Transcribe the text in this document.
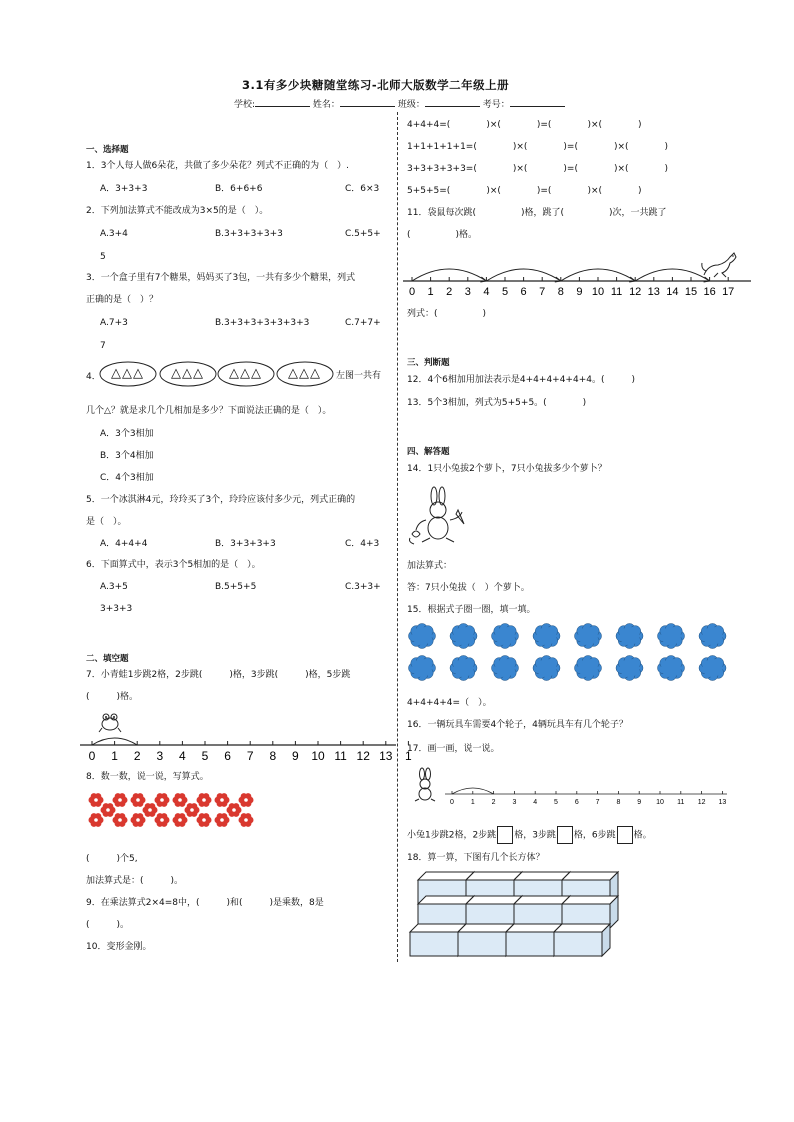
3.1有多少块糖随堂练习-北师大版数学二年级上册
学校:	姓名：	班级：	考号：
一、选择题
1．3个人每人做6朵花，共做了多少朵花？列式不正确的为（　）.
A．3+3+3	B．6+6+6	C．6×3
2．下列加法算式不能改成为3×5的是（　）。
A.3+4	B.3+3+3+3+3	C.5+5+
5
3．一个盒子里有7个糖果，妈妈买了3包，一共有多少个糖果，列式
正确的是（　）？
A.7+3	B.3+3+3+3+3+3+3	C.7+7+
7
4． △△△ △△△ △△△ △△△ 左图一共有
几个△？就是求几个几相加是多少？下面说法正确的是（　）。
A．3个3相加
B．3个4相加
C．4个3相加
5．一个冰淇淋4元，玲玲买了3个，玲玲应该付多少元，列式正确的
是（　）。
A．4+4+4	B．3+3+3+3	C．4+3
6．下面算式中，表示3个5相加的是（　）。
A.3+5	B.5+5+5	C.3+3+
3+3+3
二、填空题
7．小青蛙1步跳2格，2步跳(　　　)格，3步跳(　　　)格，5步跳
(　　　)格。
0 1 2 3 4 5 6 7 8 9 10 11 12 13 1
8．数一数，说一说，写算式。
(　　　)个5,
加法算式是：(　　　)。
9．在乘法算式2×4=8中，(　　　)和(　　　)是乘数，8是
(　　　)。
10．变形金刚。
4+4+4=(　　　　)×(　　　　)=(　　　　)×(　　　　)
1+1+1+1+1=(　　　　)×(　　　　)=(　　　　)×(　　　　)
3+3+3+3+3=(　　　　)×(　　　　)=(　　　　)×(　　　　)
5+5+5=(　　　　)×(　　　　)=(　　　　)×(　　　　)
11．袋鼠每次跳(　　　　　)格，跳了(　　　　　)次，一共跳了
(　　　　　)格。
0 1 2 3 4 5 6 7 8 9 10 11 12 13 14 15 16 17
列式：(　　　　　)
三、判断题
12．4个6相加用加法表示是4+4+4+4+4+4。(　　　)
13．5个3相加，列式为5+5+5。(　　　　)
四、解答题
14．1只小兔拔2个萝卜，7只小兔拔多少个萝卜？
加法算式：
答：7只小兔拔（　）个萝卜。
15．根据式子圈一圈，填一填。
4+4+4+4=（　）。
16．一辆玩具车需要4个轮子，4辆玩具车有几个轮子？
17．画一画，说一说。
0 1 2 3 4 5 6 7 8 9 10 11 12 13
小兔1步跳2格，2步跳 格，3步跳 格，6步跳 格。
18．算一算，下图有几个长方体？
